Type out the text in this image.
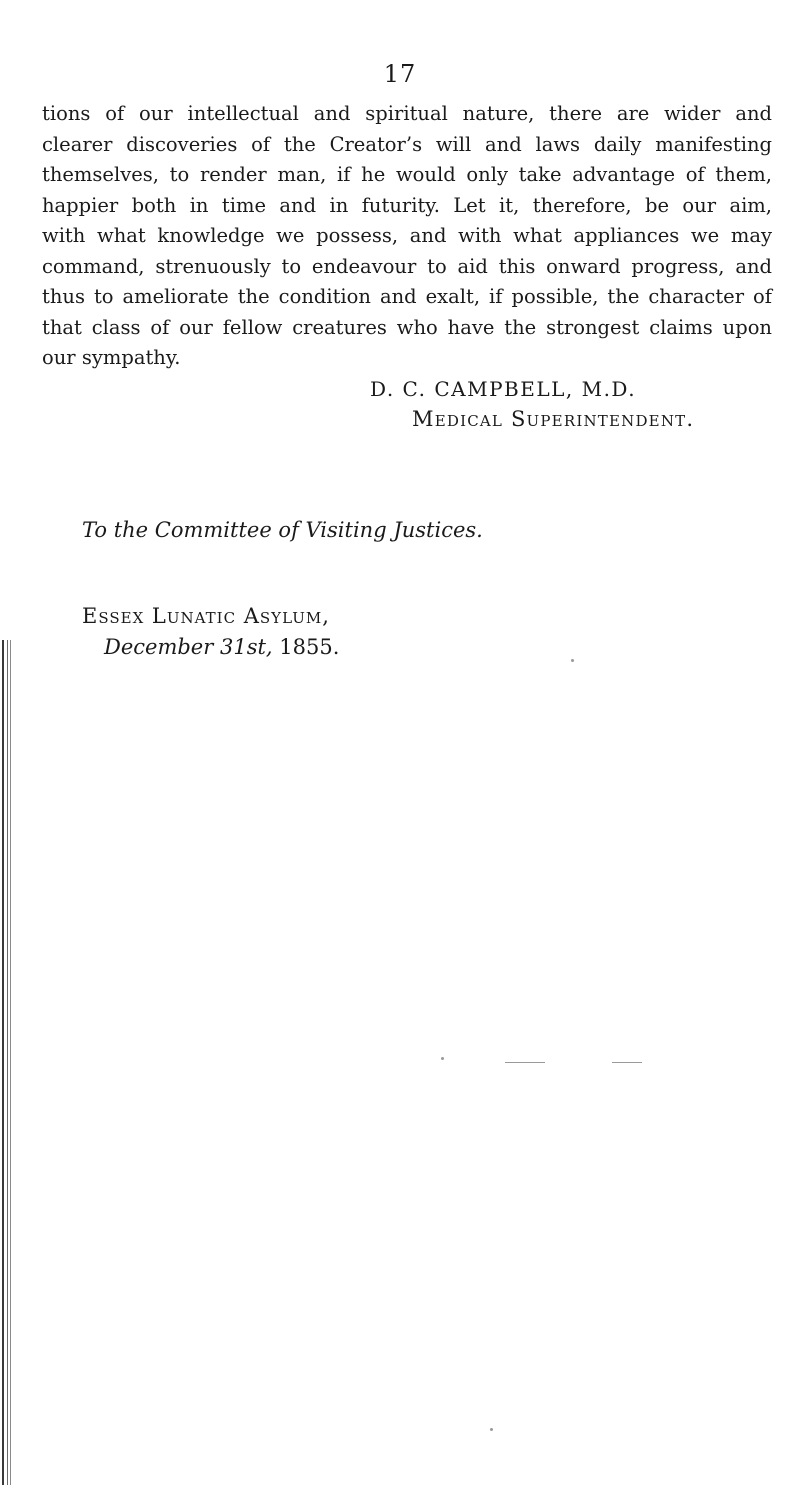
17
tions of our intellectual and spiritual nature, there are wider and
clearer discoveries of the Creator’s will and laws daily manifesting
themselves, to render man, if he would only take advantage of them,
happier both in time and in futurity. Let it, therefore, be our aim,
with what knowledge we possess, and with what appliances we may
command, strenuously to endeavour to aid this onward progress, and
thus to ameliorate the condition and exalt, if possible, the character of
that class of our fellow creatures who have the strongest claims upon
our sympathy.
D. C. CAMPBELL, M.D.
Medical Superintendent.
To the Committee of Visiting Justices.
Essex Lunatic Asylum,
December 31st, 1855.
